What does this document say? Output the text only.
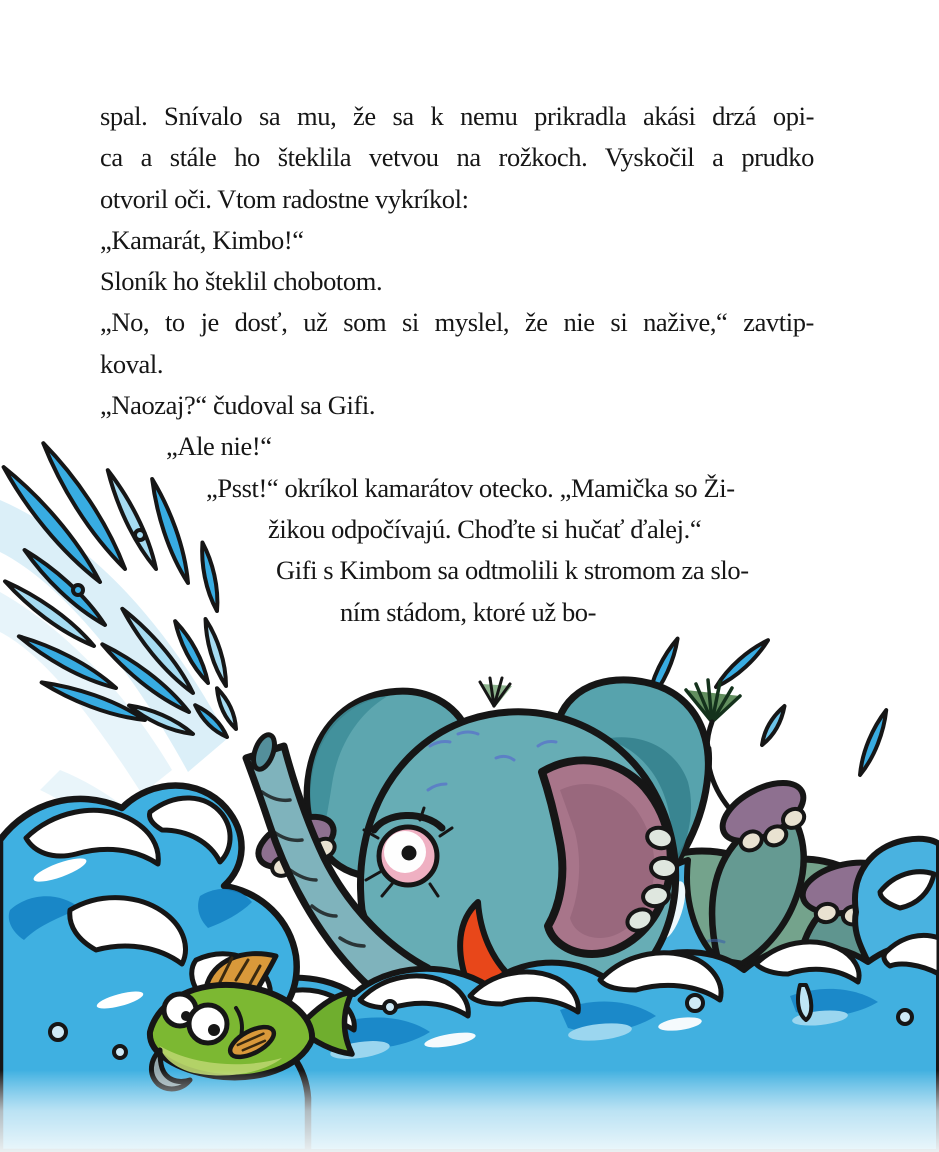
spal. Snívalo sa mu, že sa k nemu prikradla akási drzá opi-
ca a stále ho šteklila vetvou na rožkoch. Vyskočil a prudko
otvoril oči. Vtom radostne vykríkol:
„Kamarát, Kimbo!“
Sloník ho šteklil chobotom.
„No, to je dosť, už som si myslel, že nie si nažive,“ zavtip-
koval.
„Naozaj?“ čudoval sa Gifi.
„Ale nie!“
„Psst!“ okríkol kamarátov otecko. „Mamička so Ži-
žikou odpočívajú. Choďte si hučať ďalej.“
Gifi s Kimbom sa odtmolili k stromom za slo-
ním stádom, ktoré už bo-
